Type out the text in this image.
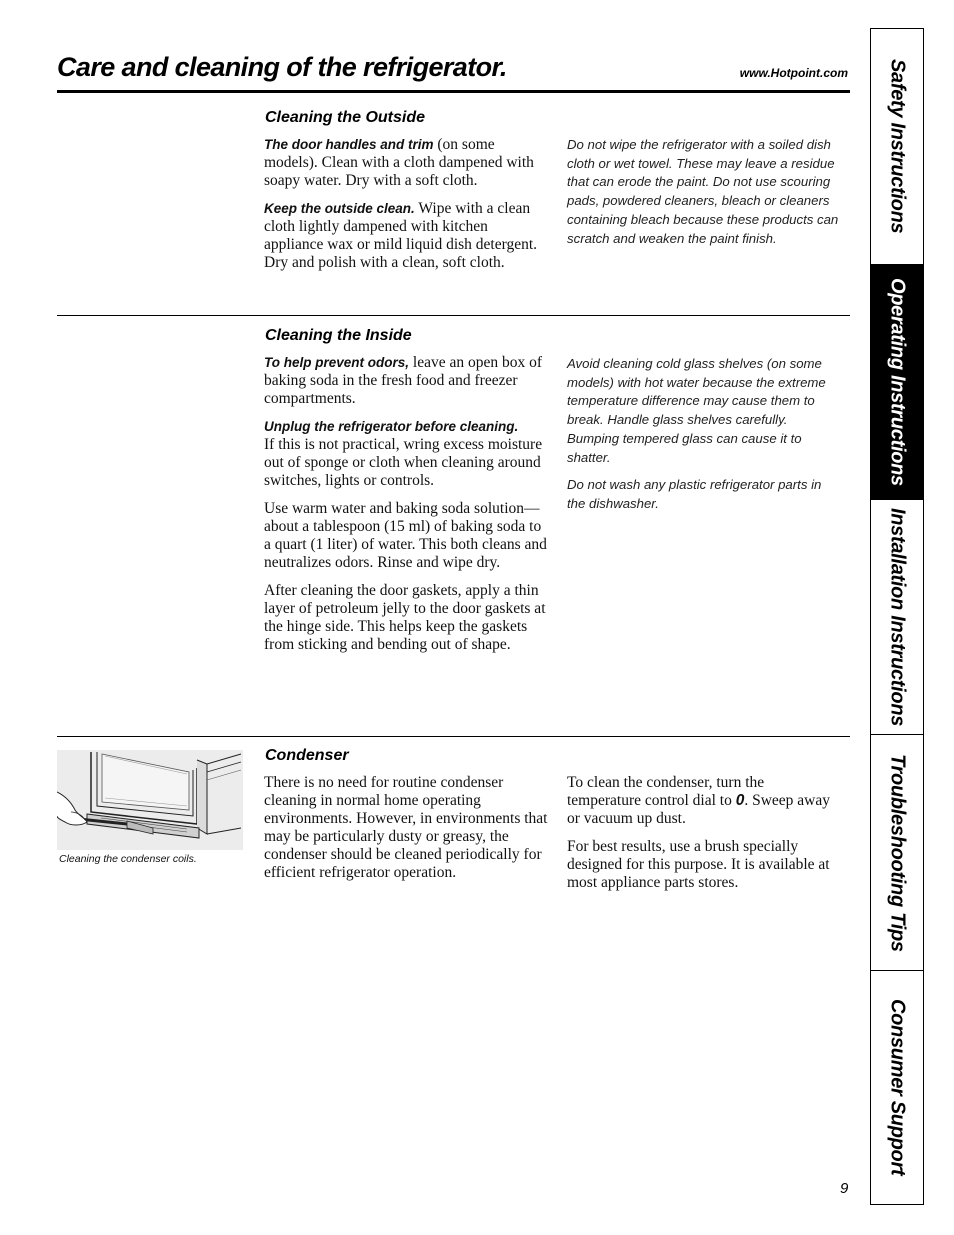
Care and cleaning of the refrigerator.	www.Hotpoint.com
Cleaning the Outside

The door handles and trim (on some models). Clean with a cloth dampened with soapy water. Dry with a soft cloth.

Keep the outside clean. Wipe with a clean cloth lightly dampened with kitchen appliance wax or mild liquid dish detergent. Dry and polish with a clean, soft cloth.

Do not wipe the refrigerator with a soiled dish cloth or wet towel. These may leave a residue that can erode the paint. Do not use scouring pads, powdered cleaners, bleach or cleaners containing bleach because these products can scratch and weaken the paint finish.

Cleaning the Inside

To help prevent odors, leave an open box of baking soda in the fresh food and freezer compartments.

Unplug the refrigerator before cleaning.
If this is not practical, wring excess moisture out of sponge or cloth when cleaning around switches, lights or controls.

Use warm water and baking soda solution—about a tablespoon (15 ml) of baking soda to a quart (1 liter) of water. This both cleans and neutralizes odors. Rinse and wipe dry.

After cleaning the door gaskets, apply a thin layer of petroleum jelly to the door gaskets at the hinge side. This helps keep the gaskets from sticking and bending out of shape.

Avoid cleaning cold glass shelves (on some models) with hot water because the extreme temperature difference may cause them to break. Handle glass shelves carefully. Bumping tempered glass can cause it to shatter.

Do not wash any plastic refrigerator parts in the dishwasher.

Cleaning the condenser coils.
Condenser

There is no need for routine condenser cleaning in normal home operating environments. However, in environments that may be particularly dusty or greasy, the condenser should be cleaned periodically for efficient refrigerator operation.

To clean the condenser, turn the temperature control dial to 0. Sweep away or vacuum up dust.

For best results, use a brush specially designed for this purpose. It is available at most appliance parts stores.

9
Safety Instructions
Operating Instructions
Installation Instructions
Troubleshooting Tips
Consumer Support
